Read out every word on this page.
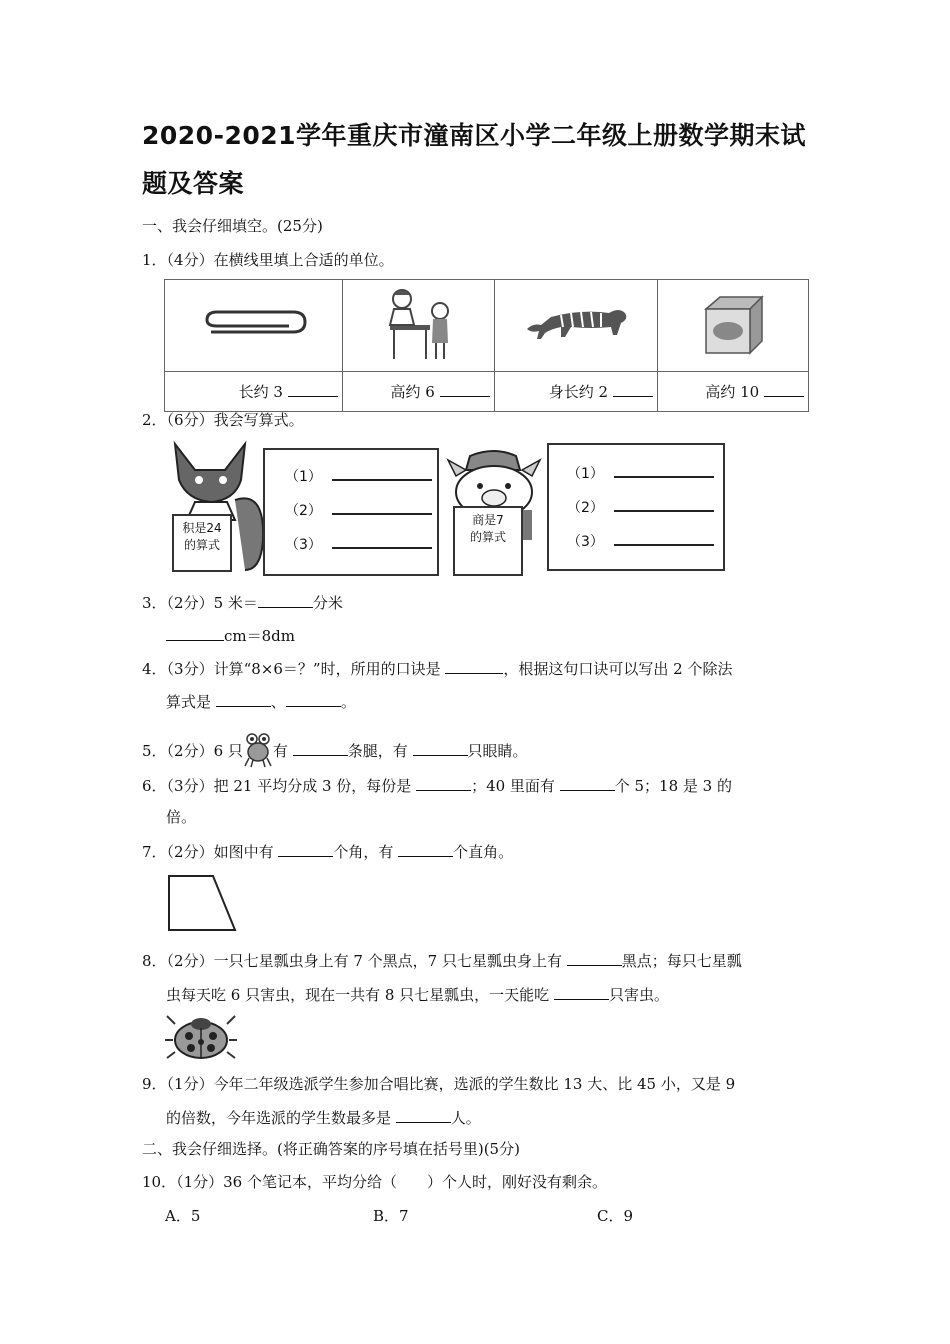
2020-2021学年重庆市潼南区小学二年级上册数学期末试题及答案
一、我会仔细填空。(25分)
1．（4分）在横线里填上合适的单位。

长约 3	高约 6	身长约 2	高约 10
2．（6分）我会写算式。
积是24
的算式
（1）
（2）
（3）
商是7
的算式
（1）
（2）
（3）
3．（2分）5 米＝	分米
cm＝8dm
4．（3分）计算“8×6＝？”时，所用的口诀是	，根据这句口诀可以写出 2 个除法
算式是	、	。
5．（2分）6 只 有	条腿，有	只眼睛。
6．（3分）把 21 平均分成 3 份，每份是	；40 里面有	个 5；18 是 3 的
倍。
7．（2分）如图中有	个角，有	个直角。
8．（2分）一只七星瓢虫身上有 7 个黑点，7 只七星瓢虫身上有	黑点；每只七星瓢
虫每天吃 6 只害虫，现在一共有 8 只七星瓢虫，一天能吃	只害虫。
9．（1分）今年二年级选派学生参加合唱比赛，选派的学生数比 13 大、比 45 小，又是 9
的倍数，今年选派的学生数最多是	人。
二、我会仔细选择。(将正确答案的序号填在括号里)(5分)
10．（1分）36 个笔记本，平均分给（　　）个人时，刚好没有剩余。
A．5	B．7	C．9
